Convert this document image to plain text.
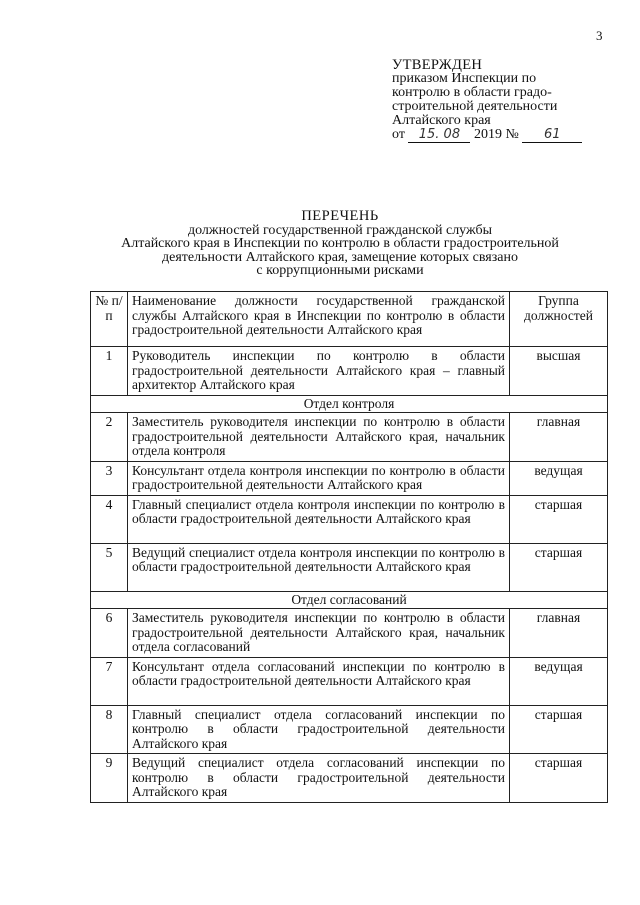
3
УТВЕРЖДЕН
приказом Инспекции по
контролю в области градо-
строительной деятельности
Алтайского края
от 15. 08 2019 № 61
ПЕРЕЧЕНЬ
должностей государственной гражданской службы
Алтайского края в Инспекции по контролю в области градостроительной
деятельности Алтайского края, замещение которых связано
с коррупционными рисками
№ п/п	Наименование должности государственной гражданской службы Алтайского края в Инспекции по контролю в области градостроительной деятельности Алтайского края	Группа должностей
1	Руководитель инспекции по контролю в области градостроительной деятельности Алтайского края – главный архитектор Алтайского края	высшая
Отдел контроля		
2	Заместитель руководителя инспекции по контролю в области градостроительной деятельности Алтайского края, начальник отдела контроля	главная
3	Консультант отдела контроля инспекции по контролю в области градостроительной деятельности Алтайского края	ведущая
4	Главный специалист отдела контроля инспекции по контролю в области градостроительной деятельности Алтайского края	старшая
5	Ведущий специалист отдела контроля инспекции по контролю в области градостроительной деятельности Алтайского края	старшая
Отдел согласований		
6	Заместитель руководителя инспекции по контролю в области градостроительной деятельности Алтайского края, начальник отдела согласований	главная
7	Консультант отдела согласований инспекции по контролю в области градостроительной деятельности Алтайского края	ведущая
8	Главный специалист отдела согласований инспекции по контролю в области градостроительной деятельности Алтайского края	старшая
9	Ведущий специалист отдела согласований инспекции по контролю в области градостроительной деятельности Алтайского края	старшая
